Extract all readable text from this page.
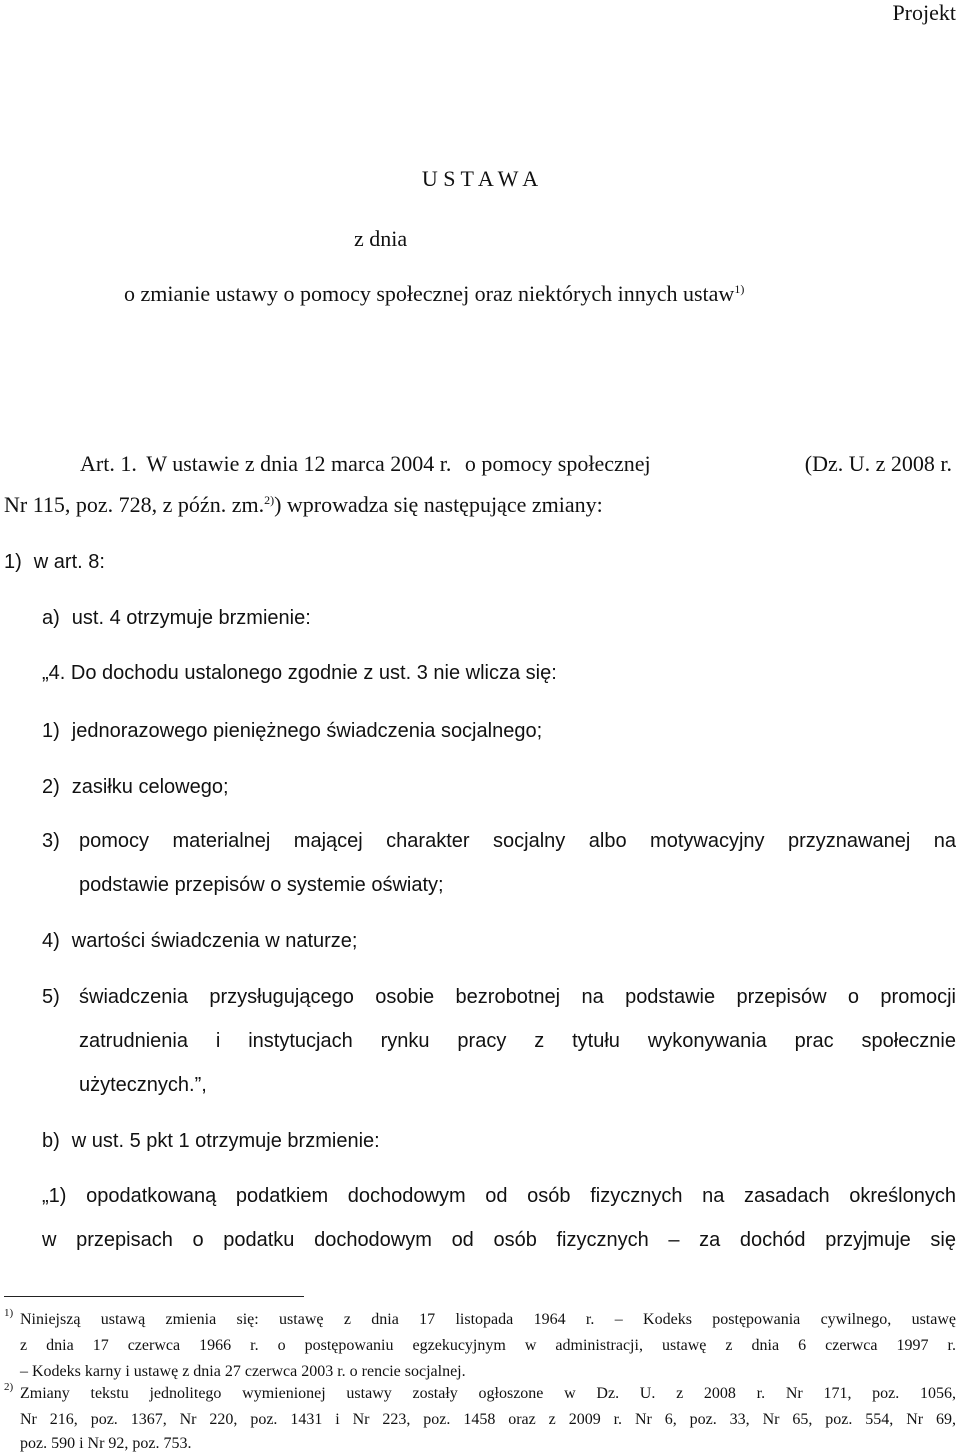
Projekt
U S T A W A
z dnia
o zmianie ustawy o pomocy społecznej oraz niektórych innych ustaw$^{1)}$
Art. 1. W ustawie z dnia 12 marca 2004 r. o pomocy społecznej	(Dz. U. z 2008 r.
Nr 115, poz. 728, z późn. zm.$^{2)}$) wprowadza się następujące zmiany:
1) w art. 8:
a) ust. 4 otrzymuje brzmienie:
„4. Do dochodu ustalonego zgodnie z ust. 3 nie wlicza się:
1) jednorazowego pieniężnego świadczenia socjalnego;
2) zasiłku celowego;
3) pomocy materialnej mającej charakter socjalny albo motywacyjny przyznawanej na
podstawie przepisów o systemie oświaty;
4) wartości świadczenia w naturze;
5) świadczenia przysługującego osobie bezrobotnej na podstawie przepisów o promocji
zatrudnienia i instytucjach rynku pracy z tytułu wykonywania prac społecznie
użytecznych.”,
b) w ust. 5 pkt 1 otrzymuje brzmienie:
„1) opodatkowaną podatkiem dochodowym od osób fizycznych na zasadach określonych
w przepisach o podatku dochodowym od osób fizycznych – za dochód przyjmuje się
$^{1)}$ Niniejszą ustawą zmienia się: ustawę z dnia 17 listopada 1964 r. – Kodeks postępowania cywilnego, ustawę
z dnia 17 czerwca 1966 r. o postępowaniu egzekucyjnym w administracji, ustawę z dnia 6 czerwca 1997 r.
– Kodeks karny i ustawę z dnia 27 czerwca 2003 r. o rencie socjalnej.
$^{2)}$ Zmiany tekstu jednolitego wymienionej ustawy zostały ogłoszone w Dz. U. z 2008 r. Nr 171, poz. 1056,
Nr 216, poz. 1367, Nr 220, poz. 1431 i Nr 223, poz. 1458 oraz z 2009 r. Nr 6, poz. 33, Nr 65, poz. 554, Nr 69,
poz. 590 i Nr 92, poz. 753.
